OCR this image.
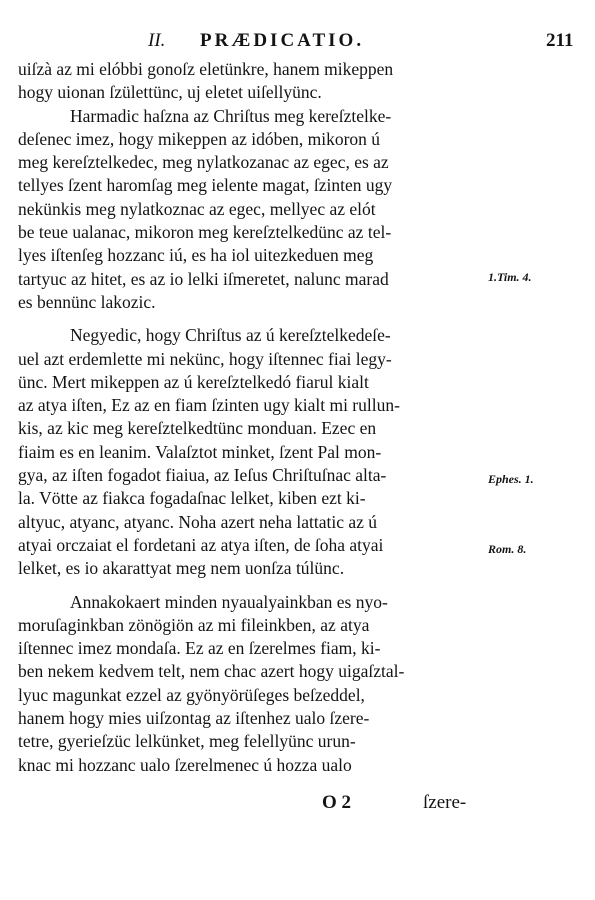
II. PRÆDICATIO.	211
uiſzà az mi elóbbi gonoſz eletünkre, hanem mikeppen
hogy uionan ſzülettünc, uj eletet uiſellyünc.
Harmadic haſzna az Chriſtus meg kereſztelke-
deſenec imez, hogy mikeppen az idóben, mikoron ú
meg kereſztelkedec, meg nylatkozanac az egec, es az
tellyes ſzent haromſag meg ielente magat, ſzinten ugy
nekünkis meg nylatkoznac az egec, mellyec az elót
be teue ualanac, mikoron meg kereſztelkedünc az tel-
lyes iſtenſeg hozzanc iú, es ha iol uitezkeduen meg
tartyuc az hitet, es az io lelki iſmeretet, nalunc marad
es bennünc lakozic.
Negyedic, hogy Chriſtus az ú kereſztelkedeſe-
uel azt erdemlette mi nekünc, hogy iſtennec fiai legy-
ünc. Mert mikeppen az ú kereſztelkedó fiarul kialt
az atya iſten, Ez az en fiam ſzinten ugy kialt mi rullun-
kis, az kic meg kereſztelkedtünc monduan. Ezec en
fiaim es en leanim. Valaſztot minket, ſzent Pal mon-
gya, az iſten fogadot fiaiua, az Ieſus Chriſtuſnac alta-
la. Vötte az fiakca fogadaſnac lelket, kiben ezt ki-
altyuc, atyanc, atyanc. Noha azert neha lattatic az ú
atyai orczaiat el fordetani az atya iſten, de ſoha atyai
lelket, es io akarattyat meg nem uonſza túlünc.
Annakokaert minden nyaualyainkban es nyo-
moruſaginkban zönögiön az mi fileinkben, az atya
iſtennec imez mondaſa. Ez az en ſzerelmes fiam, ki-
ben nekem kedvem telt, nem chac azert hogy uigaſztal-
lyuc magunkat ezzel az gyönyörüſeges beſzeddel,
hanem hogy mies uiſzontag az iſtenhez ualo ſzere-
tetre, gyerieſzüc lelkünket, meg felellyünc urun-
knac mi hozzanc ualo ſzerelmenec ú hozza ualo
1.Tim. 4.
Ephes. 1.
Rom. 8.
O 2	ſzere-
